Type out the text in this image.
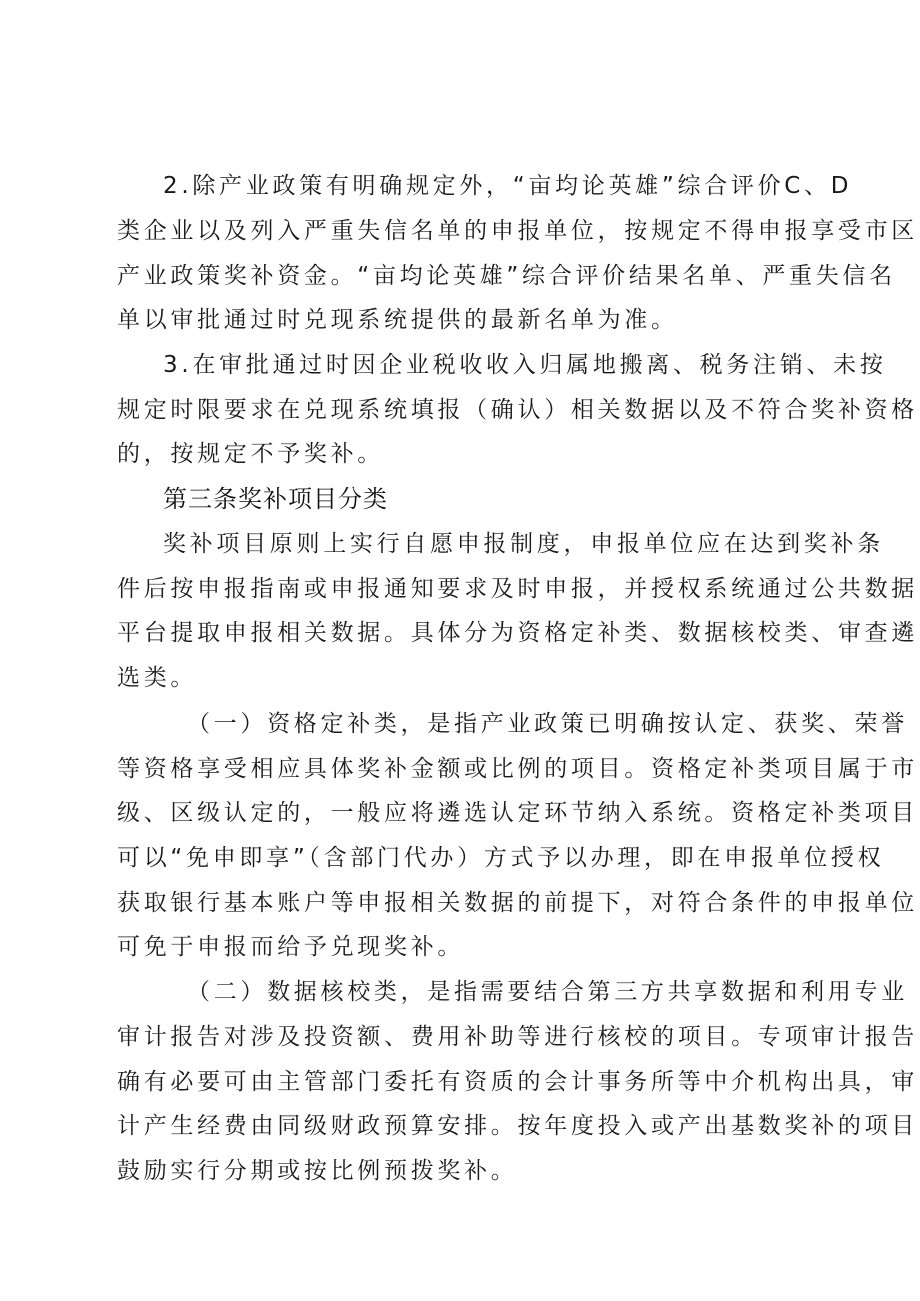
2.除产业政策有明确规定外，“亩均论英雄”综合评价C、D
类企业以及列入严重失信名单的申报单位，按规定不得申报享受市区
产业政策奖补资金。“亩均论英雄”综合评价结果名单、严重失信名
单以审批通过时兑现系统提供的最新名单为准。
3.在审批通过时因企业税收收入归属地搬离、税务注销、未按
规定时限要求在兑现系统填报（确认）相关数据以及不符合奖补资格
的，按规定不予奖补。
第三条奖补项目分类
奖补项目原则上实行自愿申报制度，申报单位应在达到奖补条
件后按申报指南或申报通知要求及时申报，并授权系统通过公共数据
平台提取申报相关数据。具体分为资格定补类、数据核校类、审查遴
选类。
（一）资格定补类，是指产业政策已明确按认定、获奖、荣誉
等资格享受相应具体奖补金额或比例的项目。资格定补类项目属于市
级、区级认定的，一般应将遴选认定环节纳入系统。资格定补类项目
可以“免申即享”（含部门代办）方式予以办理，即在申报单位授权
获取银行基本账户等申报相关数据的前提下，对符合条件的申报单位
可免于申报而给予兑现奖补。
（二）数据核校类，是指需要结合第三方共享数据和利用专业
审计报告对涉及投资额、费用补助等进行核校的项目。专项审计报告
确有必要可由主管部门委托有资质的会计事务所等中介机构出具，审
计产生经费由同级财政预算安排。按年度投入或产出基数奖补的项目
鼓励实行分期或按比例预拨奖补。
